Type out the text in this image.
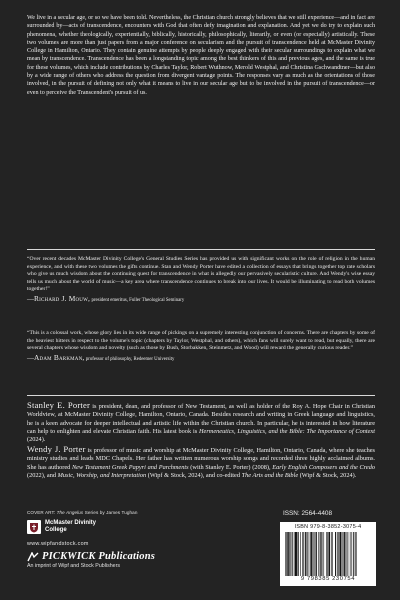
We live in a secular age, or so we have been told. Nevertheless, the Christian church strongly believes that we still experience—and in fact are surrounded by—acts of transcendence, encounters with God that often defy imagination and explanation. And yet we do try to explain such phenomena, whether theologically, experientially, biblically, historically, philosophically, literarily, or even (or especially) artistically. These two volumes are more than just papers from a major conference on secularism and the pursuit of transcendence held at McMaster Divinity College in Hamilton, Ontario. They contain genuine attempts by people deeply engaged with their secular surroundings to explain what we mean by transcendence. Transcendence has been a longstanding topic among the best thinkers of this and previous ages, and the same is true for these volumes, which include contributions by Charles Taylor, Robert Wuthnow, Merold Westphal, and Christina Gschwandtner—but also by a wide range of others who address the question from divergent vantage points. The responses vary as much as the orientations of those involved, in the pursuit of defining not only what it means to live in our secular age but to be involved in the pursuit of transcendence—or even to perceive the Transcendent's pursuit of us.
“Over recent decades McMaster Divinity College's General Studies Series has provided us with significant works on the role of religion in the human experience, and with these two volumes the gifts continue. Stan and Wendy Porter have edited a collection of essays that brings together top rate scholars who give us much wisdom about the continuing quest for transcendence in what is allegedly our pervasively secularistic culture. And Wendy's wise essay tells us much about the world of music—a key area where transcendence continues to break into our lives. It would be illuminating to read both volumes together!”
—Richard J. Mouw, president emeritus, Fuller Theological Seminary
“This is a colossal work, whose glory lies in its wide range of pickings on a supremely interesting conjunction of concerns. There are chapters by some of the heaviest hitters in respect to the volume's topic (chapters by Taylor, Westphal, and others), which fans will surely want to read, but equally, there are several chapters whose wisdom and novelty (such as those by Bush, Storbakken, Steinmetz, and Wood) will reward the generally curious reader.”
—Adam Barkman, professor of philosophy, Redeemer University
Stanley E. Porter is president, dean, and professor of New Testament, as well as holder of the Roy A. Hope Chair in Christian Worldview, at McMaster Divinity College, Hamilton, Ontario, Canada. Besides research and writing in Greek language and linguistics, he is a keen advocate for deeper intellectual and artistic life within the Christian church. In particular, he is interested in how literature can help to enlighten and elevate Christian faith. His latest book is Hermeneutics, Linguistics, and the Bible: The Importance of Context (2024).
Wendy J. Porter is professor of music and worship at McMaster Divinity College, Hamilton, Ontario, Canada, where she teaches ministry studies and leads MDC Chapels. Her father has written numerous worship songs and recorded three highly acclaimed albums. She has authored New Testament Greek Papyri and Parchments (with Stanley E. Porter) (2008), Early English Composers and the Credo (2022), and Music, Worship, and Interpretation (Wipf & Stock, 2024), and co-edited The Arts and the Bible (Wipf & Stock, 2024).
COVER ART: The Angelus Series by James Tughan
McMaster Divinity
College
www.wipfandstock.com
PICKWICK Publications
An imprint of Wipf and Stock Publishers
ISSN: 2564-4408
ISBN 979-8-3852-3075-4
9 798385 230754
